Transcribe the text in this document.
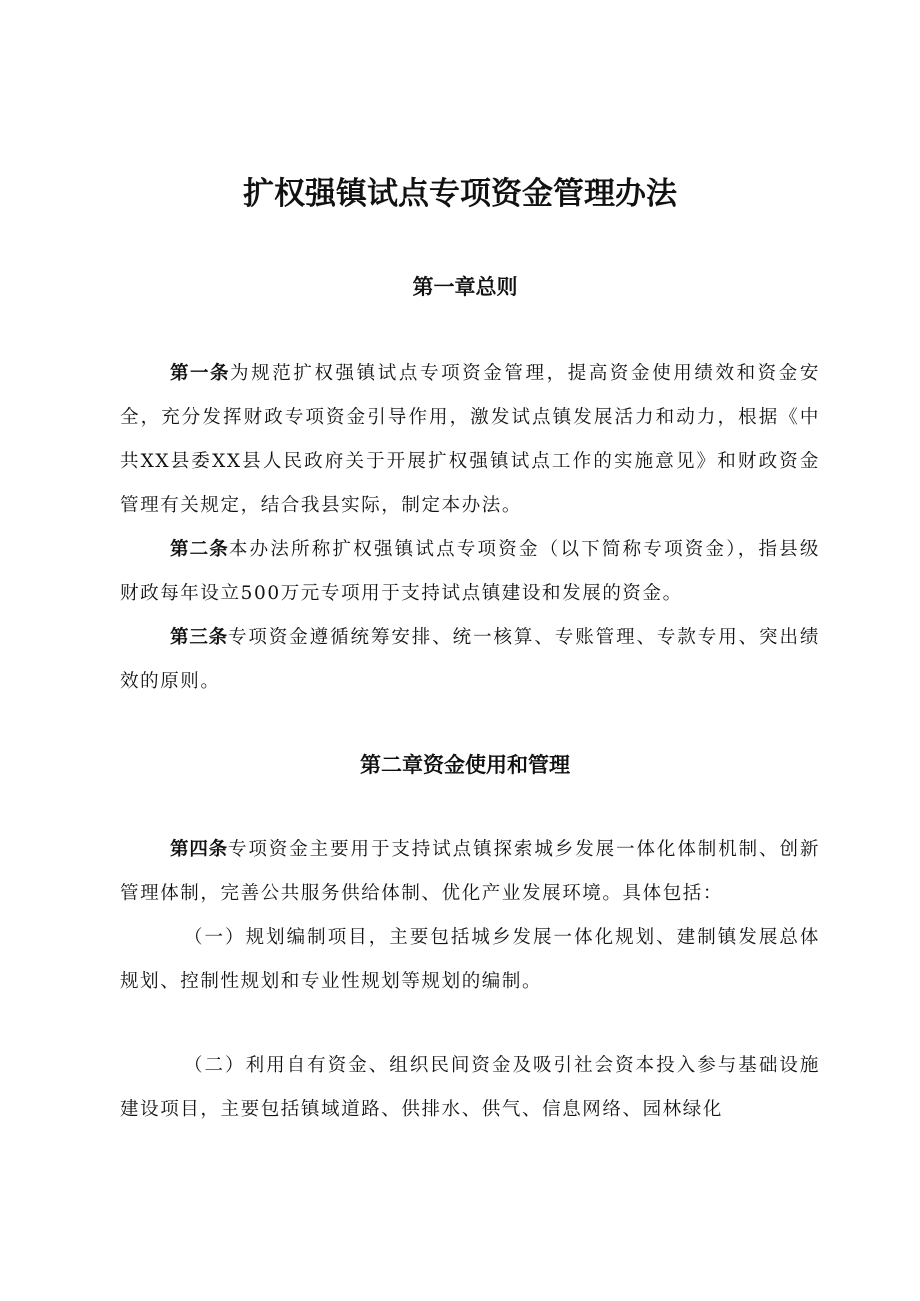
扩权强镇试点专项资金管理办法
第一章总则

第一条为规范扩权强镇试点专项资金管理，提高资金使用绩效和资金安全，充分发挥财政专项资金引导作用，激发试点镇发展活力和动力，根据《中共XX县委XX县人民政府关于开展扩权强镇试点工作的实施意见》和财政资金管理有关规定，结合我县实际，制定本办法。

第二条本办法所称扩权强镇试点专项资金（以下简称专项资金），指县级财政每年设立500万元专项用于支持试点镇建设和发展的资金。

第三条专项资金遵循统筹安排、统一核算、专账管理、专款专用、突出绩效的原则。

第二章资金使用和管理

第四条专项资金主要用于支持试点镇探索城乡发展一体化体制机制、创新管理体制，完善公共服务供给体制、优化产业发展环境。具体包括：

（一）规划编制项目，主要包括城乡发展一体化规划、建制镇发展总体规划、控制性规划和专业性规划等规划的编制。

（二）利用自有资金、组织民间资金及吸引社会资本投入参与基础设施建设项目，主要包括镇域道路、供排水、供气、信息网络、园林绿化
